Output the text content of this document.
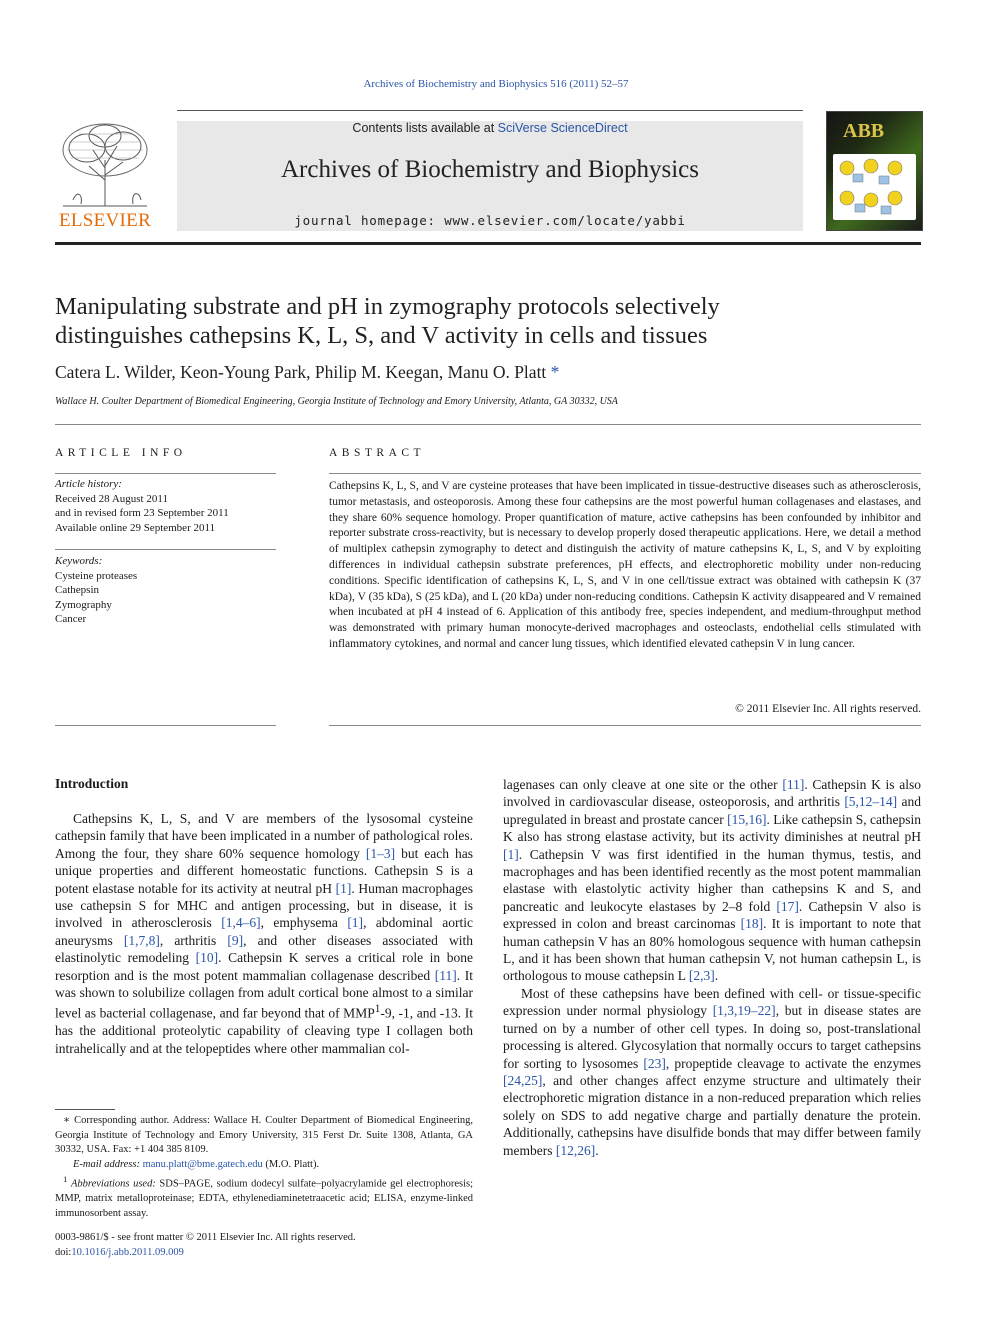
Archives of Biochemistry and Biophysics 516 (2011) 52–57
ELSEVIER
Contents lists available at SciVerse ScienceDirect
Archives of Biochemistry and Biophysics
journal homepage: www.elsevier.com/locate/yabbi
ABB
Manipulating substrate and pH in zymography protocols selectively
distinguishes cathepsins K, L, S, and V activity in cells and tissues
Catera L. Wilder, Keon-Young Park, Philip M. Keegan, Manu O. Platt *
Wallace H. Coulter Department of Biomedical Engineering, Georgia Institute of Technology and Emory University, Atlanta, GA 30332, USA
ARTICLE INFO
Article history:
Received 28 August 2011
and in revised form 23 September 2011
Available online 29 September 2011
Keywords:
Cysteine proteases
Cathepsin
Zymography
Cancer
ABSTRACT
Cathepsins K, L, S, and V are cysteine proteases that have been implicated in tissue-destructive diseases such as atherosclerosis, tumor metastasis, and osteoporosis. Among these four cathepsins are the most powerful human collagenases and elastases, and they share 60% sequence homology. Proper quantification of mature, active cathepsins has been confounded by inhibitor and reporter substrate cross-reactivity, but is necessary to develop properly dosed therapeutic applications. Here, we detail a method of multiplex cathepsin zymography to detect and distinguish the activity of mature cathepsins K, L, S, and V by exploiting differences in individual cathepsin substrate preferences, pH effects, and electrophoretic mobility under non-reducing conditions. Specific identification of cathepsins K, L, S, and V in one cell/tissue extract was obtained with cathepsin K (37 kDa), V (35 kDa), S (25 kDa), and L (20 kDa) under non-reducing conditions. Cathepsin K activity disappeared and V remained when incubated at pH 4 instead of 6. Application of this antibody free, species independent, and medium-throughput method was demonstrated with primary human monocyte-derived macrophages and osteoclasts, endothelial cells stimulated with inflammatory cytokines, and normal and cancer lung tissues, which identified elevated cathepsin V in lung cancer.
© 2011 Elsevier Inc. All rights reserved.
Introduction

Cathepsins K, L, S, and V are members of the lysosomal cysteine cathepsin family that have been implicated in a number of pathological roles. Among the four, they share 60% sequence homology [1–3] but each has unique properties and different homeostatic functions. Cathepsin S is a potent elastase notable for its activity at neutral pH [1]. Human macrophages use cathepsin S for MHC and antigen processing, but in disease, it is involved in atherosclerosis [1,4–6], emphysema [1], abdominal aortic aneurysms [1,7,8], arthritis [9], and other diseases associated with elastinolytic remodeling [10]. Cathepsin K serves a critical role in bone resorption and is the most potent mammalian collagenase described [11]. It was shown to solubilize collagen from adult cortical bone almost to a similar level as bacterial collagenase, and far beyond that of MMP$^1$-9, -1, and -13. It has the additional proteolytic capability of cleaving type I collagen both intrahelically and at the telopeptides where other mammalian col-

lagenases can only cleave at one site or the other [11]. Cathepsin K is also involved in cardiovascular disease, osteoporosis, and arthritis [5,12–14] and upregulated in breast and prostate cancer [15,16]. Like cathepsin S, cathepsin K also has strong elastase activity, but its activity diminishes at neutral pH [1]. Cathepsin V was first identified in the human thymus, testis, and macrophages and has been identified recently as the most potent mammalian elastase with elastolytic activity higher than cathepsins K and S, and pancreatic and leukocyte elastases by 2–8 fold [17]. Cathepsin V also is expressed in colon and breast carcinomas [18]. It is important to note that human cathepsin V has an 80% homologous sequence with human cathepsin L, and it has been shown that human cathepsin V, not human cathepsin L, is orthologous to mouse cathepsin L [2,3].

Most of these cathepsins have been defined with cell- or tissue-specific expression under normal physiology [1,3,19–22], but in disease states are turned on by a number of other cell types. In doing so, post-translational processing is altered. Glycosylation that normally occurs to target cathepsins for sorting to lysosomes [23], propeptide cleavage to activate the enzymes [24,25], and other changes affect enzyme structure and ultimately their electrophoretic migration distance in a non-reduced preparation which relies solely on SDS to add negative charge and partially denature the protein. Additionally, cathepsins have disulfide bonds that may differ between family members [12,26].

∗ Corresponding author. Address: Wallace H. Coulter Department of Biomedical Engineering, Georgia Institute of Technology and Emory University, 315 Ferst Dr. Suite 1308, Atlanta, GA 30332, USA. Fax: +1 404 385 8109.
E-mail address: manu.platt@bme.gatech.edu (M.O. Platt).
$^1$ Abbreviations used: SDS–PAGE, sodium dodecyl sulfate–polyacrylamide gel electrophoresis; MMP, matrix metalloproteinase; EDTA, ethylenediaminetetraacetic acid; ELISA, enzyme-linked immunosorbent assay.
0003-9861/$ - see front matter © 2011 Elsevier Inc. All rights reserved.
doi:10.1016/j.abb.2011.09.009
